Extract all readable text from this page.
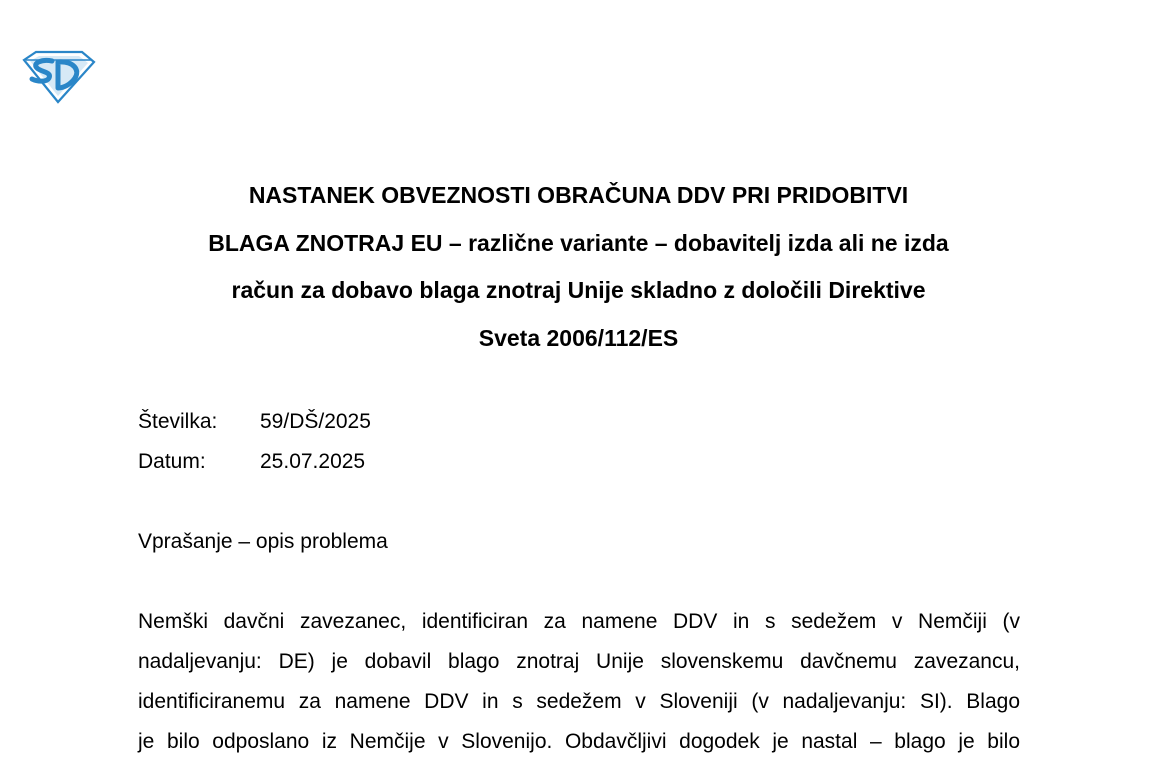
NASTANEK OBVEZNOSTI OBRAČUNA DDV PRI PRIDOBITVI
BLAGA ZNOTRAJ EU – različne variante – dobavitelj izda ali ne izda
račun za dobavo blaga znotraj Unije skladno z določili Direktive
Sveta 2006/112/ES
Številka:	59/DŠ/2025
Datum:	25.07.2025
Vprašanje – opis problema
Nemški davčni zavezanec, identificiran za namene DDV in s sedežem v Nemčiji (v
nadaljevanju: DE) je dobavil blago znotraj Unije slovenskemu davčnemu zavezancu,
identificiranemu za namene DDV in s sedežem v Sloveniji (v nadaljevanju: SI). Blago
je bilo odposlano iz Nemčije v Slovenijo. Obdavčljivi dogodek je nastal – blago je bilo
